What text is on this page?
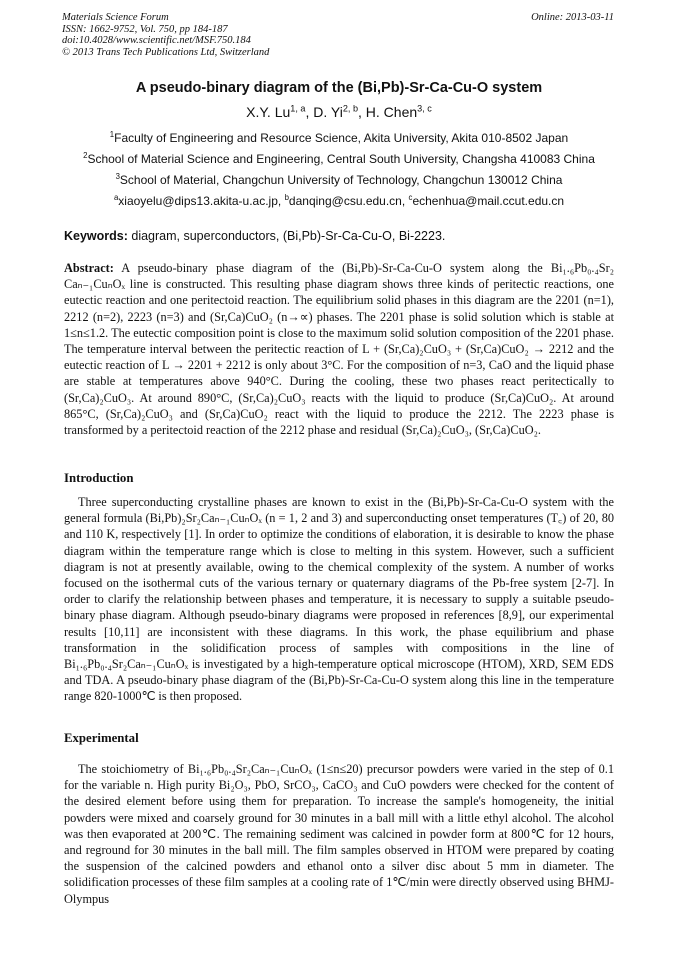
Materials Science Forum
ISSN: 1662-9752, Vol. 750, pp 184-187
doi:10.4028/www.scientific.net/MSF.750.184
© 2013 Trans Tech Publications Ltd, Switzerland
Online: 2013-03-11
A pseudo-binary diagram of the (Bi,Pb)-Sr-Ca-Cu-O system
X.Y. Lu$^{1, a}$, D. Yi$^{2, b}$, H. Chen$^{3, c}$
$^1$Faculty of Engineering and Resource Science, Akita University, Akita 010-8502 Japan
$^2$School of Material Science and Engineering, Central South University, Changsha 410083 China
$^3$School of Material, Changchun University of Technology, Changchun 130012 China
$^a$xiaoyelu@dips13.akita-u.ac.jp, $^b$danqing@csu.edu.cn, $^c$echenhua@mail.ccut.edu.cn
Keywords: diagram, superconductors, (Bi,Pb)-Sr-Ca-Cu-O, Bi-2223.
Abstract: A pseudo-binary phase diagram of the (Bi,Pb)-Sr-Ca-Cu-O system along the Bi₁.₆Pb₀.₄Sr₂ Caₙ₋₁CuₙOₓ line is constructed. This resulting phase diagram shows three kinds of peritectic reactions, one eutectic reaction and one peritectoid reaction. The equilibrium solid phases in this diagram are the 2201 (n=1), 2212 (n=2), 2223 (n=3) and (Sr,Ca)CuO₂ (n→∝) phases. The 2201 phase is solid solution which is stable at 1≤n≤1.2. The eutectic composition point is close to the maximum solid solution composition of the 2201 phase. The temperature interval between the peritectic reaction of L + (Sr,Ca)₂CuO₃ + (Sr,Ca)CuO₂ → 2212 and the eutectic reaction of L → 2201 + 2212 is only about 3°C. For the composition of n=3, CaO and the liquid phase are stable at temperatures above 940°C. During the cooling, these two phases react peritectically to (Sr,Ca)₂CuO₃. At around 890°C, (Sr,Ca)₂CuO₃ reacts with the liquid to produce (Sr,Ca)CuO₂. At around 865°C, (Sr,Ca)₂CuO₃ and (Sr,Ca)CuO₂ react with the liquid to produce the 2212. The 2223 phase is transformed by a peritectoid reaction of the 2212 phase and residual (Sr,Ca)₂CuO₃, (Sr,Ca)CuO₂.
Introduction
Three superconducting crystalline phases are known to exist in the (Bi,Pb)-Sr-Ca-Cu-O system with the general formula (Bi,Pb)₂Sr₂Caₙ₋₁CuₙOₓ (n = 1, 2 and 3) and superconducting onset temperatures (T꜀) of 20, 80 and 110 K, respectively [1]. In order to optimize the conditions of elaboration, it is desirable to know the phase diagram within the temperature range which is close to melting in this system. However, such a sufficient diagram is not at presently available, owing to the chemical complexity of the system. A number of works focused on the isothermal cuts of the various ternary or quaternary diagrams of the Pb-free system [2-7]. In order to clarify the relationship between phases and temperature, it is necessary to supply a suitable pseudo-binary phase diagram. Although pseudo-binary diagrams were proposed in references [8,9], our experimental results [10,11] are inconsistent with these diagrams. In this work, the phase equilibrium and phase transformation in the solidification process of samples with compositions in the line of Bi₁.₆Pb₀.₄Sr₂Caₙ₋₁CuₙOₓ is investigated by a high-temperature optical microscope (HTOM), XRD, SEM EDS and TDA. A pseudo-binary phase diagram of the (Bi,Pb)-Sr-Ca-Cu-O system along this line in the temperature range 820-1000℃ is then proposed.
Experimental
The stoichiometry of Bi₁.₆Pb₀.₄Sr₂Caₙ₋₁CuₙOₓ (1≤n≤20) precursor powders were varied in the step of 0.1 for the variable n. High purity Bi₂O₃, PbO, SrCO₃, CaCO₃ and CuO powders were checked for the content of the desired element before using them for preparation. To increase the sample's homogeneity, the initial powders were mixed and coarsely ground for 30 minutes in a ball mill with a little ethyl alcohol. The alcohol was then evaporated at 200℃. The remaining sediment was calcined in powder form at 800℃ for 12 hours, and reground for 30 minutes in the ball mill. The film samples observed in HTOM were prepared by coating the suspension of the calcined powders and ethanol onto a silver disc about 5 mm in diameter. The solidification processes of these film samples at a cooling rate of 1℃/min were directly observed using BHMJ-Olympus
